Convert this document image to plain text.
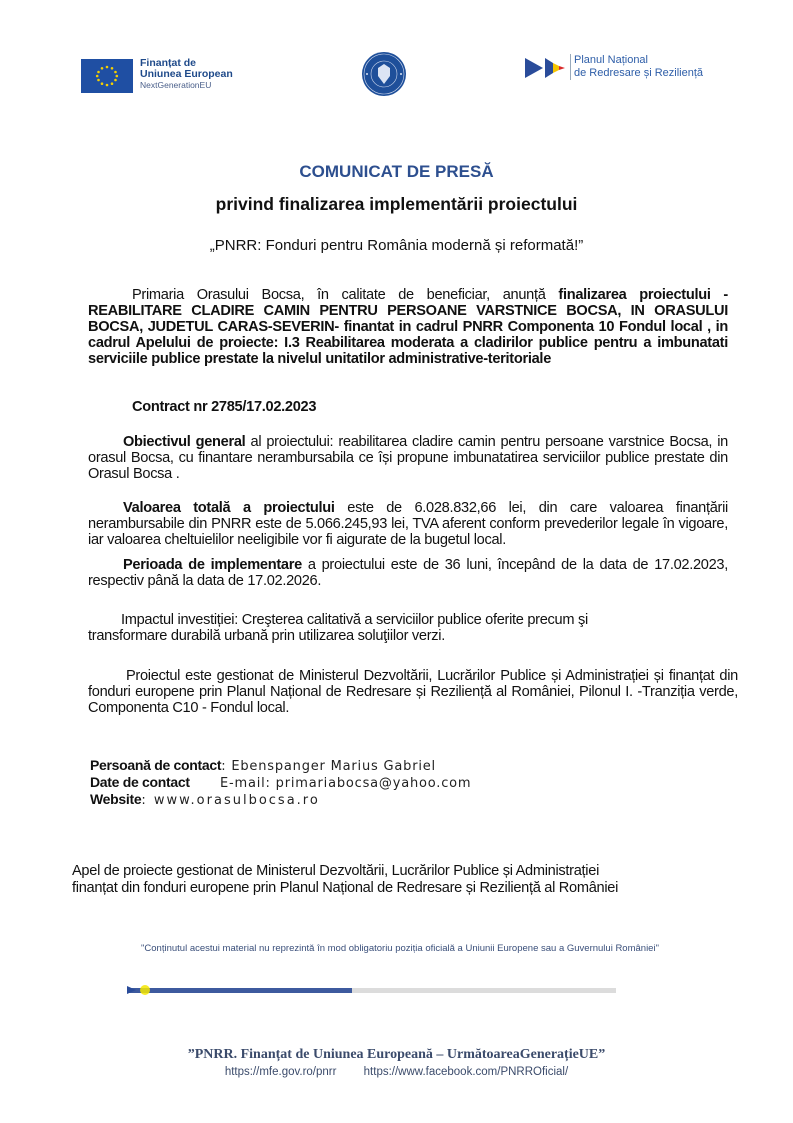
Finanțat de
Uniunea European
NextGenerationEU
Planul Național
de Redresare și Reziliență
COMUNICAT DE PRESĂ
privind finalizarea implementării proiectului
„PNRR: Fonduri pentru România modernă și reformată!”
Primaria Orasului Bocsa, în calitate de beneficiar, anunță finalizarea proiectului - REABILITARE CLADIRE CAMIN PENTRU PERSOANE VARSTNICE BOCSA, IN ORASULUI BOCSA, JUDETUL CARAS-SEVERIN- finantat in cadrul PNRR Componenta 10 Fondul local , in cadrul Apelului de proiecte: I.3 Reabilitarea moderata a cladirilor publice pentru a imbunatati serviciile publice prestate la nivelul unitatilor administrative-teritoriale
Contract nr 2785/17.02.2023
Obiectivul general al proiectului: reabilitarea cladire camin pentru persoane varstnice Bocsa, in orasul Bocsa, cu finantare nerambursabila ce își propune imbunatatirea serviciilor publice prestate din Orasul Bocsa .
Valoarea totală a proiectului este de 6.028.832,66 lei, din care valoarea finanțării nerambursabile din PNRR este de 5.066.245,93 lei, TVA aferent conform prevederilor legale în vigoare, iar valoarea cheltuielilor neeligibile vor fi aigurate de la bugetul local.
Perioada de implementare a proiectului este de 36 luni, începând de la data de 17.02.2023, respectiv până la data de 17.02.2026.
Impactul investiției: Creşterea calitativă a serviciilor publice oferite precum şi transformare durabilă urbană prin utilizarea soluţiilor verzi.
Proiectul este gestionat de Ministerul Dezvoltării, Lucrărilor Publice și Administrației și finanțat din fonduri europene prin Planul Național de Redresare și Reziliență al României, Pilonul I. -Tranziția verde, Componenta C10 - Fondul local.
Persoană de contact: Ebenspanger Marius Gabriel
Date de contact E-mail: primariabocsa@yahoo.com
Website: www.orasulbocsa.ro
Apel de proiecte gestionat de Ministerul Dezvoltării, Lucrărilor Publice și Administrației
finanțat din fonduri europene prin Planul Național de Redresare și Reziliență al României
"Conținutul acestui material nu reprezintă în mod obligatoriu poziția oficială a Uniunii Europene sau a Guvernului României"
”PNRR. Finanțat de Uniunea Europeană – UrmătoareaGenerațieUE”
https://mfe.gov.ro/pnrr https://www.facebook.com/PNRROficial/
